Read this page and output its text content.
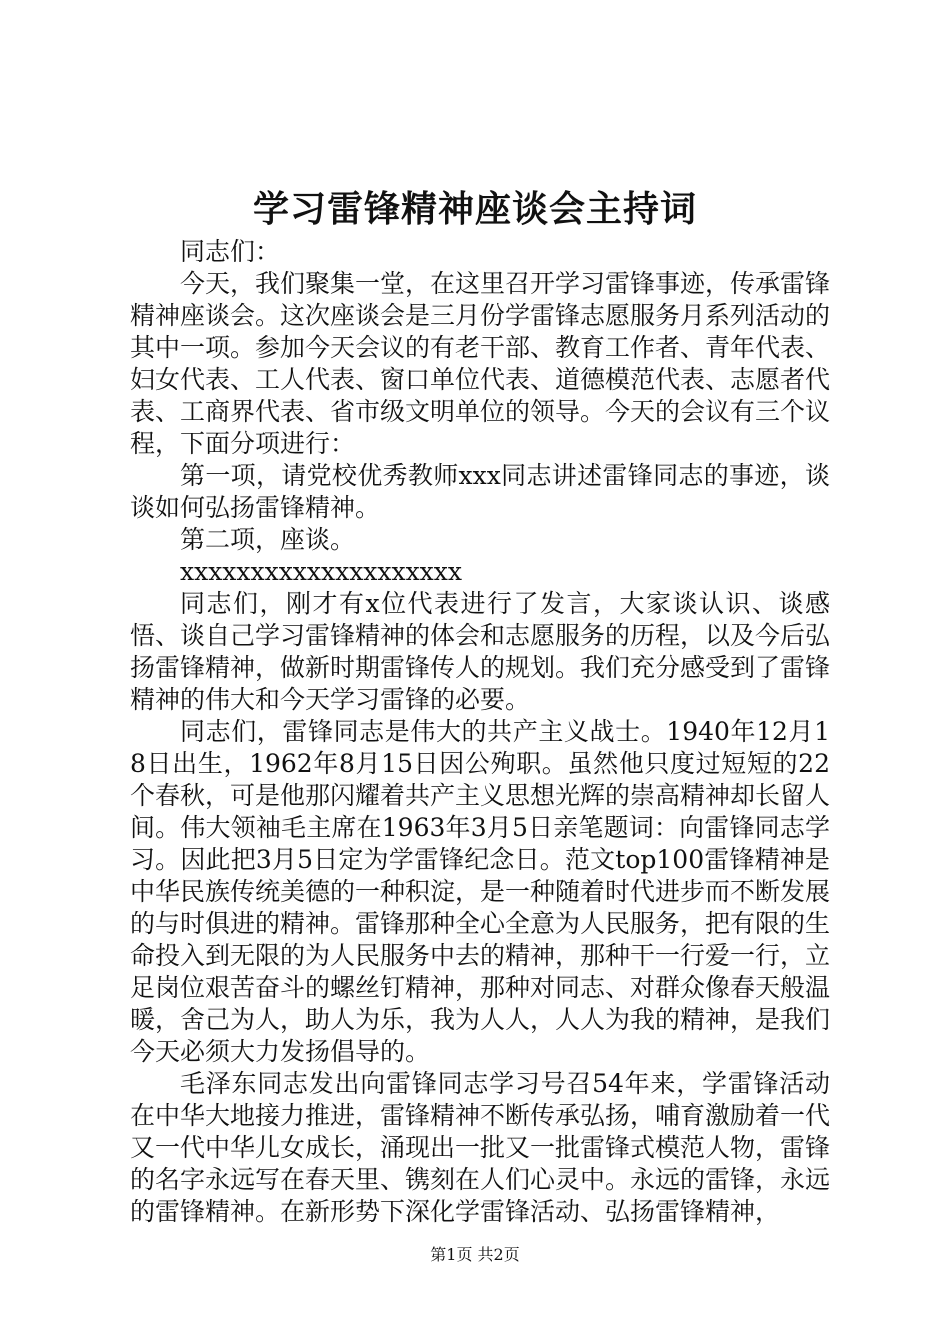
学习雷锋精神座谈会主持词

同志们：

今天，我们聚集一堂，在这里召开学习雷锋事迹，传承雷锋精神座谈会。这次座谈会是三月份学雷锋志愿服务月系列活动的其中一项。参加今天会议的有老干部、教育工作者、青年代表、妇女代表、工人代表、窗口单位代表、道德模范代表、志愿者代表、工商界代表、省市级文明单位的领导。今天的会议有三个议程，下面分项进行：

第一项，请党校优秀教师xxx同志讲述雷锋同志的事迹，谈谈如何弘扬雷锋精神。

第二项，座谈。

xxxxxxxxxxxxxxxxxxxx

同志们，刚才有x位代表进行了发言，大家谈认识、谈感悟、谈自己学习雷锋精神的体会和志愿服务的历程，以及今后弘扬雷锋精神，做新时期雷锋传人的规划。我们充分感受到了雷锋精神的伟大和今天学习雷锋的必要。

同志们，雷锋同志是伟大的共产主义战士。1940年12月18日出生，1962年8月15日因公殉职。虽然他只度过短短的22个春秋，可是他那闪耀着共产主义思想光辉的崇高精神却长留人间。伟大领袖毛主席在1963年3月5日亲笔题词：向雷锋同志学习。因此把3月5日定为学雷锋纪念日。范文top100雷锋精神是中华民族传统美德的一种积淀，是一种随着时代进步而不断发展的与时俱进的精神。雷锋那种全心全意为人民服务，把有限的生命投入到无限的为人民服务中去的精神，那种干一行爱一行，立足岗位艰苦奋斗的螺丝钉精神，那种对同志、对群众像春天般温暖，舍己为人，助人为乐，我为人人，人人为我的精神，是我们今天必须大力发扬倡导的。

毛泽东同志发出向雷锋同志学习号召54年来，学雷锋活动在中华大地接力推进，雷锋精神不断传承弘扬，哺育激励着一代又一代中华儿女成长，涌现出一批又一批雷锋式模范人物，雷锋的名字永远写在春天里、镌刻在人们心灵中。永远的雷锋，永远的雷锋精神。在新形势下深化学雷锋活动、弘扬雷锋精神，

第1页 共2页
